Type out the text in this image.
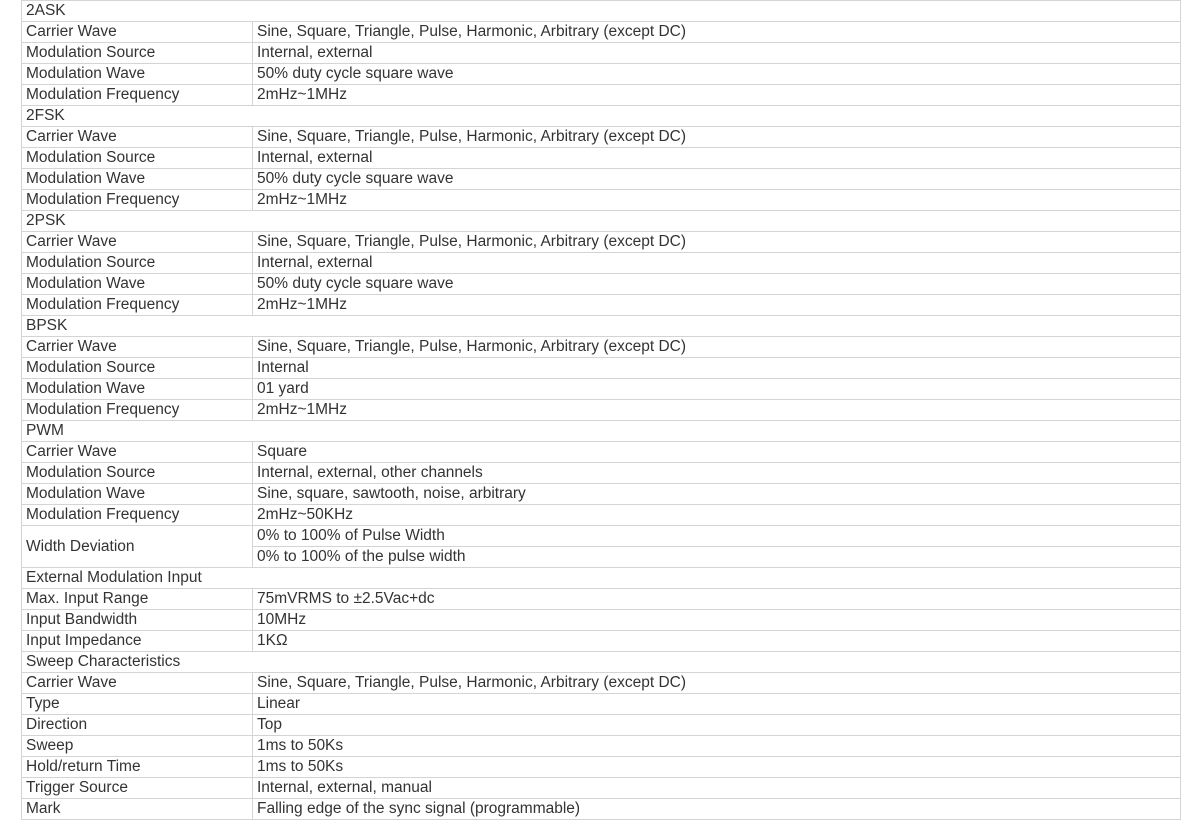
2ASK	
Carrier Wave	Sine, Square, Triangle, Pulse, Harmonic, Arbitrary (except DC)
Modulation Source	Internal, external
Modulation Wave	50% duty cycle square wave
Modulation Frequency	2mHz~1MHz
2FSK	
Carrier Wave	Sine, Square, Triangle, Pulse, Harmonic, Arbitrary (except DC)
Modulation Source	Internal, external
Modulation Wave	50% duty cycle square wave
Modulation Frequency	2mHz~1MHz
2PSK	
Carrier Wave	Sine, Square, Triangle, Pulse, Harmonic, Arbitrary (except DC)
Modulation Source	Internal, external
Modulation Wave	50% duty cycle square wave
Modulation Frequency	2mHz~1MHz
BPSK	
Carrier Wave	Sine, Square, Triangle, Pulse, Harmonic, Arbitrary (except DC)
Modulation Source	Internal
Modulation Wave	01 yard
Modulation Frequency	2mHz~1MHz
PWM	
Carrier Wave	Square
Modulation Source	Internal, external, other channels
Modulation Wave	Sine, square, sawtooth, noise, arbitrary
Modulation Frequency	2mHz~50KHz
Width Deviation	0% to 100% of Pulse Width
	0% to 100% of the pulse width
External Modulation Input	
Max. Input Range	75mVRMS to ±2.5Vac+dc
Input Bandwidth	10MHz
Input Impedance	1KΩ
Sweep Characteristics	
Carrier Wave	Sine, Square, Triangle, Pulse, Harmonic, Arbitrary (except DC)
Type	Linear
Direction	Top
Sweep	1ms to 50Ks
Hold/return Time	1ms to 50Ks
Trigger Source	Internal, external, manual
Mark	Falling edge of the sync signal (programmable)
